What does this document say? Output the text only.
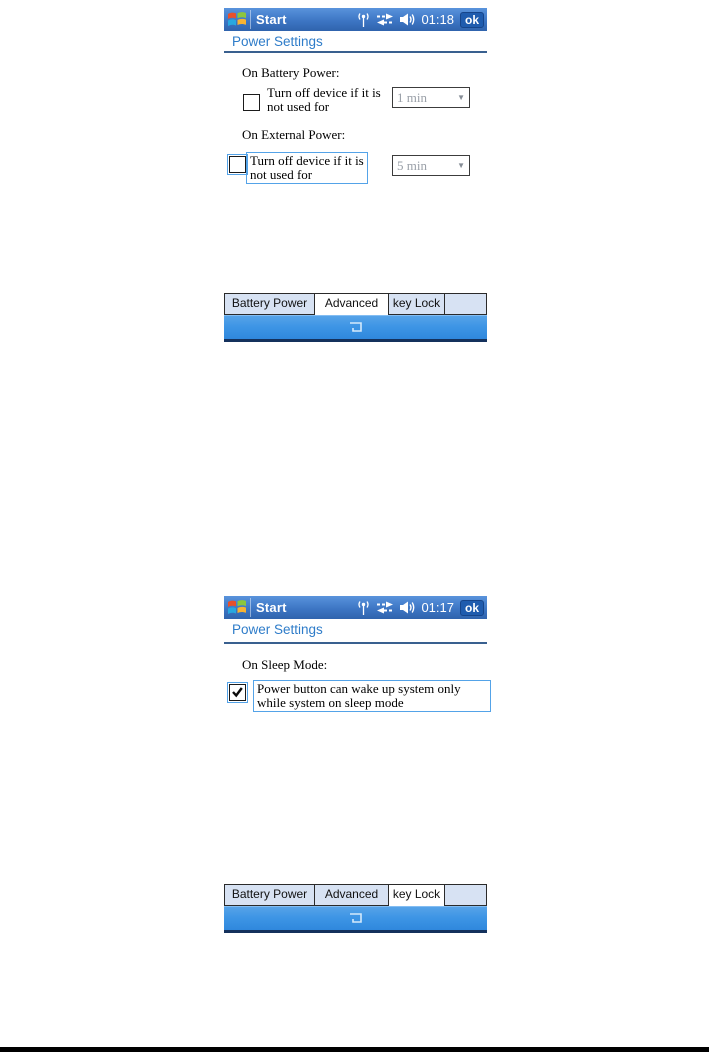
Start	01:18 ok
Power Settings
On Battery Power:
Turn off device if it is
not used for
1 min	▼
On External Power:
Turn off device if it is
not used for
5 min	▼
Battery Power	Advanced	key Lock
Start	01:17 ok
Power Settings
On Sleep Mode:
Power button can wake up system only
while system on sleep mode
Battery Power	Advanced	key Lock
